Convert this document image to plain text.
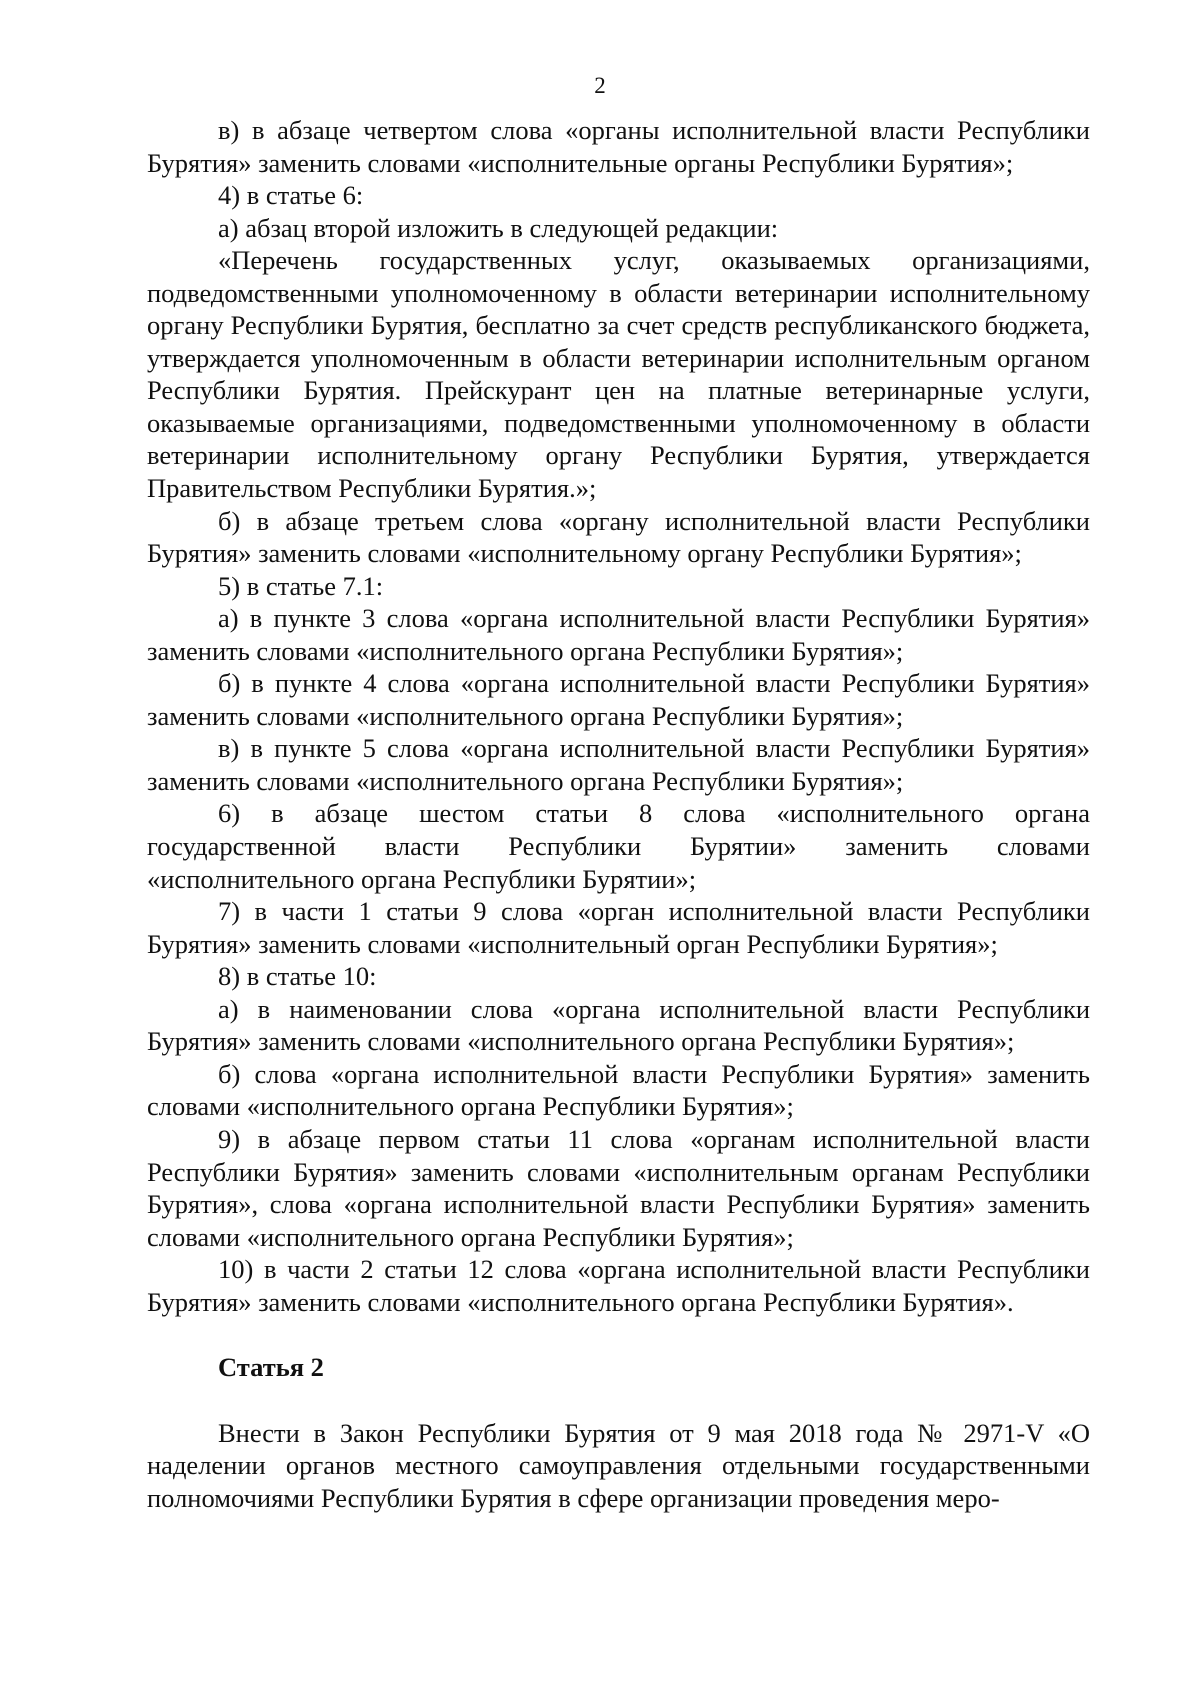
2

в) в абзаце четвертом слова «органы исполнительной власти Республики Бурятия» заменить словами «исполнительные органы Республики Бурятия»;

4) в статье 6:

а) абзац второй изложить в следующей редакции:

«Перечень государственных услуг, оказываемых организациями, подведомственными уполномоченному в области ветеринарии исполнительному органу Республики Бурятия, бесплатно за счет средств республиканского бюджета, утверждается уполномоченным в области ветеринарии исполнительным органом Республики Бурятия. Прейскурант цен на платные ветеринарные услуги, оказываемые организациями, подведомственными уполномоченному в области ветеринарии исполнительному органу Республики Бурятия, утверждается Правительством Республики Бурятия.»;

б) в абзаце третьем слова «органу исполнительной власти Республики Бурятия» заменить словами «исполнительному органу Республики Бурятия»;

5) в статье 7.1:

а) в пункте 3 слова «органа исполнительной власти Республики Бурятия» заменить словами «исполнительного органа Республики Бурятия»;

б) в пункте 4 слова «органа исполнительной власти Республики Бурятия» заменить словами «исполнительного органа Республики Бурятия»;

в) в пункте 5 слова «органа исполнительной власти Республики Бурятия» заменить словами «исполнительного органа Республики Бурятия»;

6) в абзаце шестом статьи 8 слова «исполнительного органа государственной власти Республики Бурятии» заменить словами «исполнительного органа Республики Бурятии»;

7) в части 1 статьи 9 слова «орган исполнительной власти Республики Бурятия» заменить словами «исполнительный орган Республики Бурятия»;

8) в статье 10:

а) в наименовании слова «органа исполнительной власти Республики Бурятия» заменить словами «исполнительного органа Республики Бурятия»;

б) слова «органа исполнительной власти Республики Бурятия» заменить словами «исполнительного органа Республики Бурятия»;

9) в абзаце первом статьи 11 слова «органам исполнительной власти Республики Бурятия» заменить словами «исполнительным органам Республики Бурятия», слова «органа исполнительной власти Республики Бурятия» заменить словами «исполнительного органа Республики Бурятия»;

10) в части 2 статьи 12 слова «органа исполнительной власти Республики Бурятия» заменить словами «исполнительного органа Республики Бурятия».

Статья 2

Внести в Закон Республики Бурятия от 9 мая 2018 года № 2971-V «О наделении органов местного самоуправления отдельными государственными полномочиями Республики Бурятия в сфере организации проведения меро-
